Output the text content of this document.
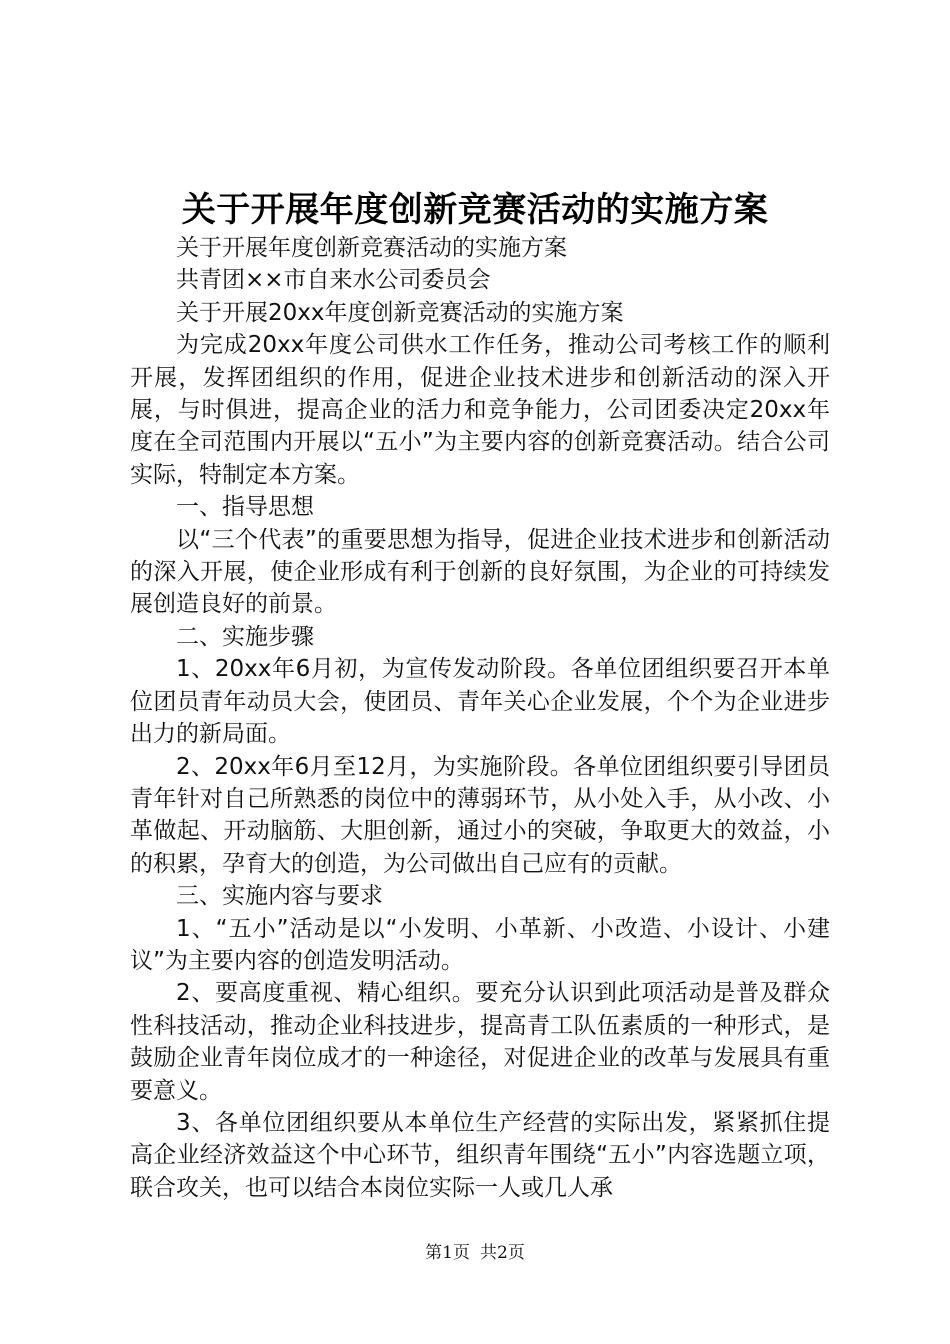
关于开展年度创新竞赛活动的实施方案

关于开展年度创新竞赛活动的实施方案

共青团××市自来水公司委员会

关于开展20xx年度创新竞赛活动的实施方案

为完成20xx年度公司供水工作任务，推动公司考核工作的顺利开展，发挥团组织的作用，促进企业技术进步和创新活动的深入开展，与时俱进，提高企业的活力和竞争能力，公司团委决定20xx年度在全司范围内开展以“五小”为主要内容的创新竞赛活动。结合公司实际，特制定本方案。

一、指导思想

以“三个代表”的重要思想为指导，促进企业技术进步和创新活动的深入开展，使企业形成有利于创新的良好氛围，为企业的可持续发展创造良好的前景。

二、实施步骤

1、20xx年6月初，为宣传发动阶段。各单位团组织要召开本单位团员青年动员大会，使团员、青年关心企业发展，个个为企业进步出力的新局面。

2、20xx年6月至12月，为实施阶段。各单位团组织要引导团员青年针对自己所熟悉的岗位中的薄弱环节，从小处入手，从小改、小革做起、开动脑筋、大胆创新，通过小的突破，争取更大的效益，小的积累，孕育大的创造，为公司做出自己应有的贡献。

三、实施内容与要求

1、“五小”活动是以“小发明、小革新、小改造、小设计、小建议”为主要内容的创造发明活动。

2、要高度重视、精心组织。要充分认识到此项活动是普及群众性科技活动，推动企业科技进步，提高青工队伍素质的一种形式，是鼓励企业青年岗位成才的一种途径，对促进企业的改革与发展具有重要意义。

3、各单位团组织要从本单位生产经营的实际出发，紧紧抓住提高企业经济效益这个中心环节，组织青年围绕“五小”内容选题立项，联合攻关，也可以结合本岗位实际一人或几人承

第1页 共2页
